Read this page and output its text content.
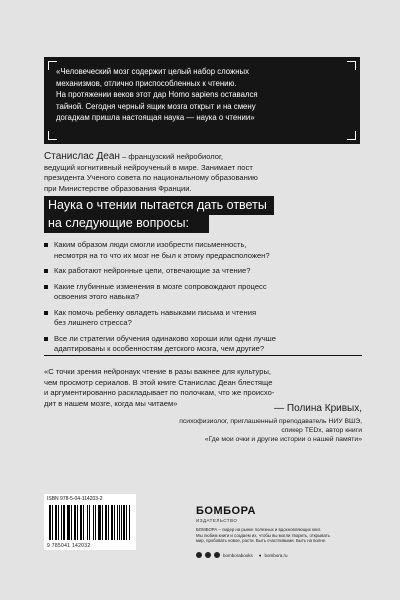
«Человеческий мозг содержит целый набор сложных
механизмов, отлично приспособленных к чтению.
На протяжении веков этот дар Homo sapiens оставался
тайной. Сегодня черный ящик мозга открыт и на смену
догадкам пришла настоящая наука — наука о чтении»
Станислас Деан – французский нейробиолог,
ведущий когнитивный нейроученый в мире. Занимает пост
президента Ученого совета по национальному образованию
при Министерстве образования Франции.
Наука о чтении пытается дать ответы
на следующие вопросы:
Каким образом люди смогли изобрести письменность,
несмотря на то что их мозг не был к этому предрасположен?
Как работают нейронные цепи, отвечающие за чтение?
Какие глубинные изменения в мозге сопровождают процесс
освоения этого навыка?
Как помочь ребенку овладеть навыками письма и чтения
без лишнего стресса?
Все ли стратегии обучения одинаково хороши или одни лучше
адаптированы к особенностям детского мозга, чем другие?
«С точки зрения нейронаук чтение в разы важнее для культуры,
чем просмотр сериалов. В этой книге Станислас Деан блестяще
и аргументированно раскладывает по полочкам, что же происхо-
дит в нашем мозге, когда мы читаем»	— Полина Кривых,
психофизиолог, приглашенный преподаватель НИУ ВШЭ,
спикер TEDx, автор книги
«Где мои очки и другие истории о нашей памяти»
ISBN 978-5-04-114203-2
9 785041 142032
БОМБОРА
ИЗДАТЕЛЬСТВО
БОМБОРА – лидер на рынке полезных и вдохновляющих книг.
Мы любим книги и создаем их, чтобы вы могли творить, открывать
мир, пробовать новое, расти. Быть счастливыми. Быть на волне.
bomborabooks ● bombora.ru
